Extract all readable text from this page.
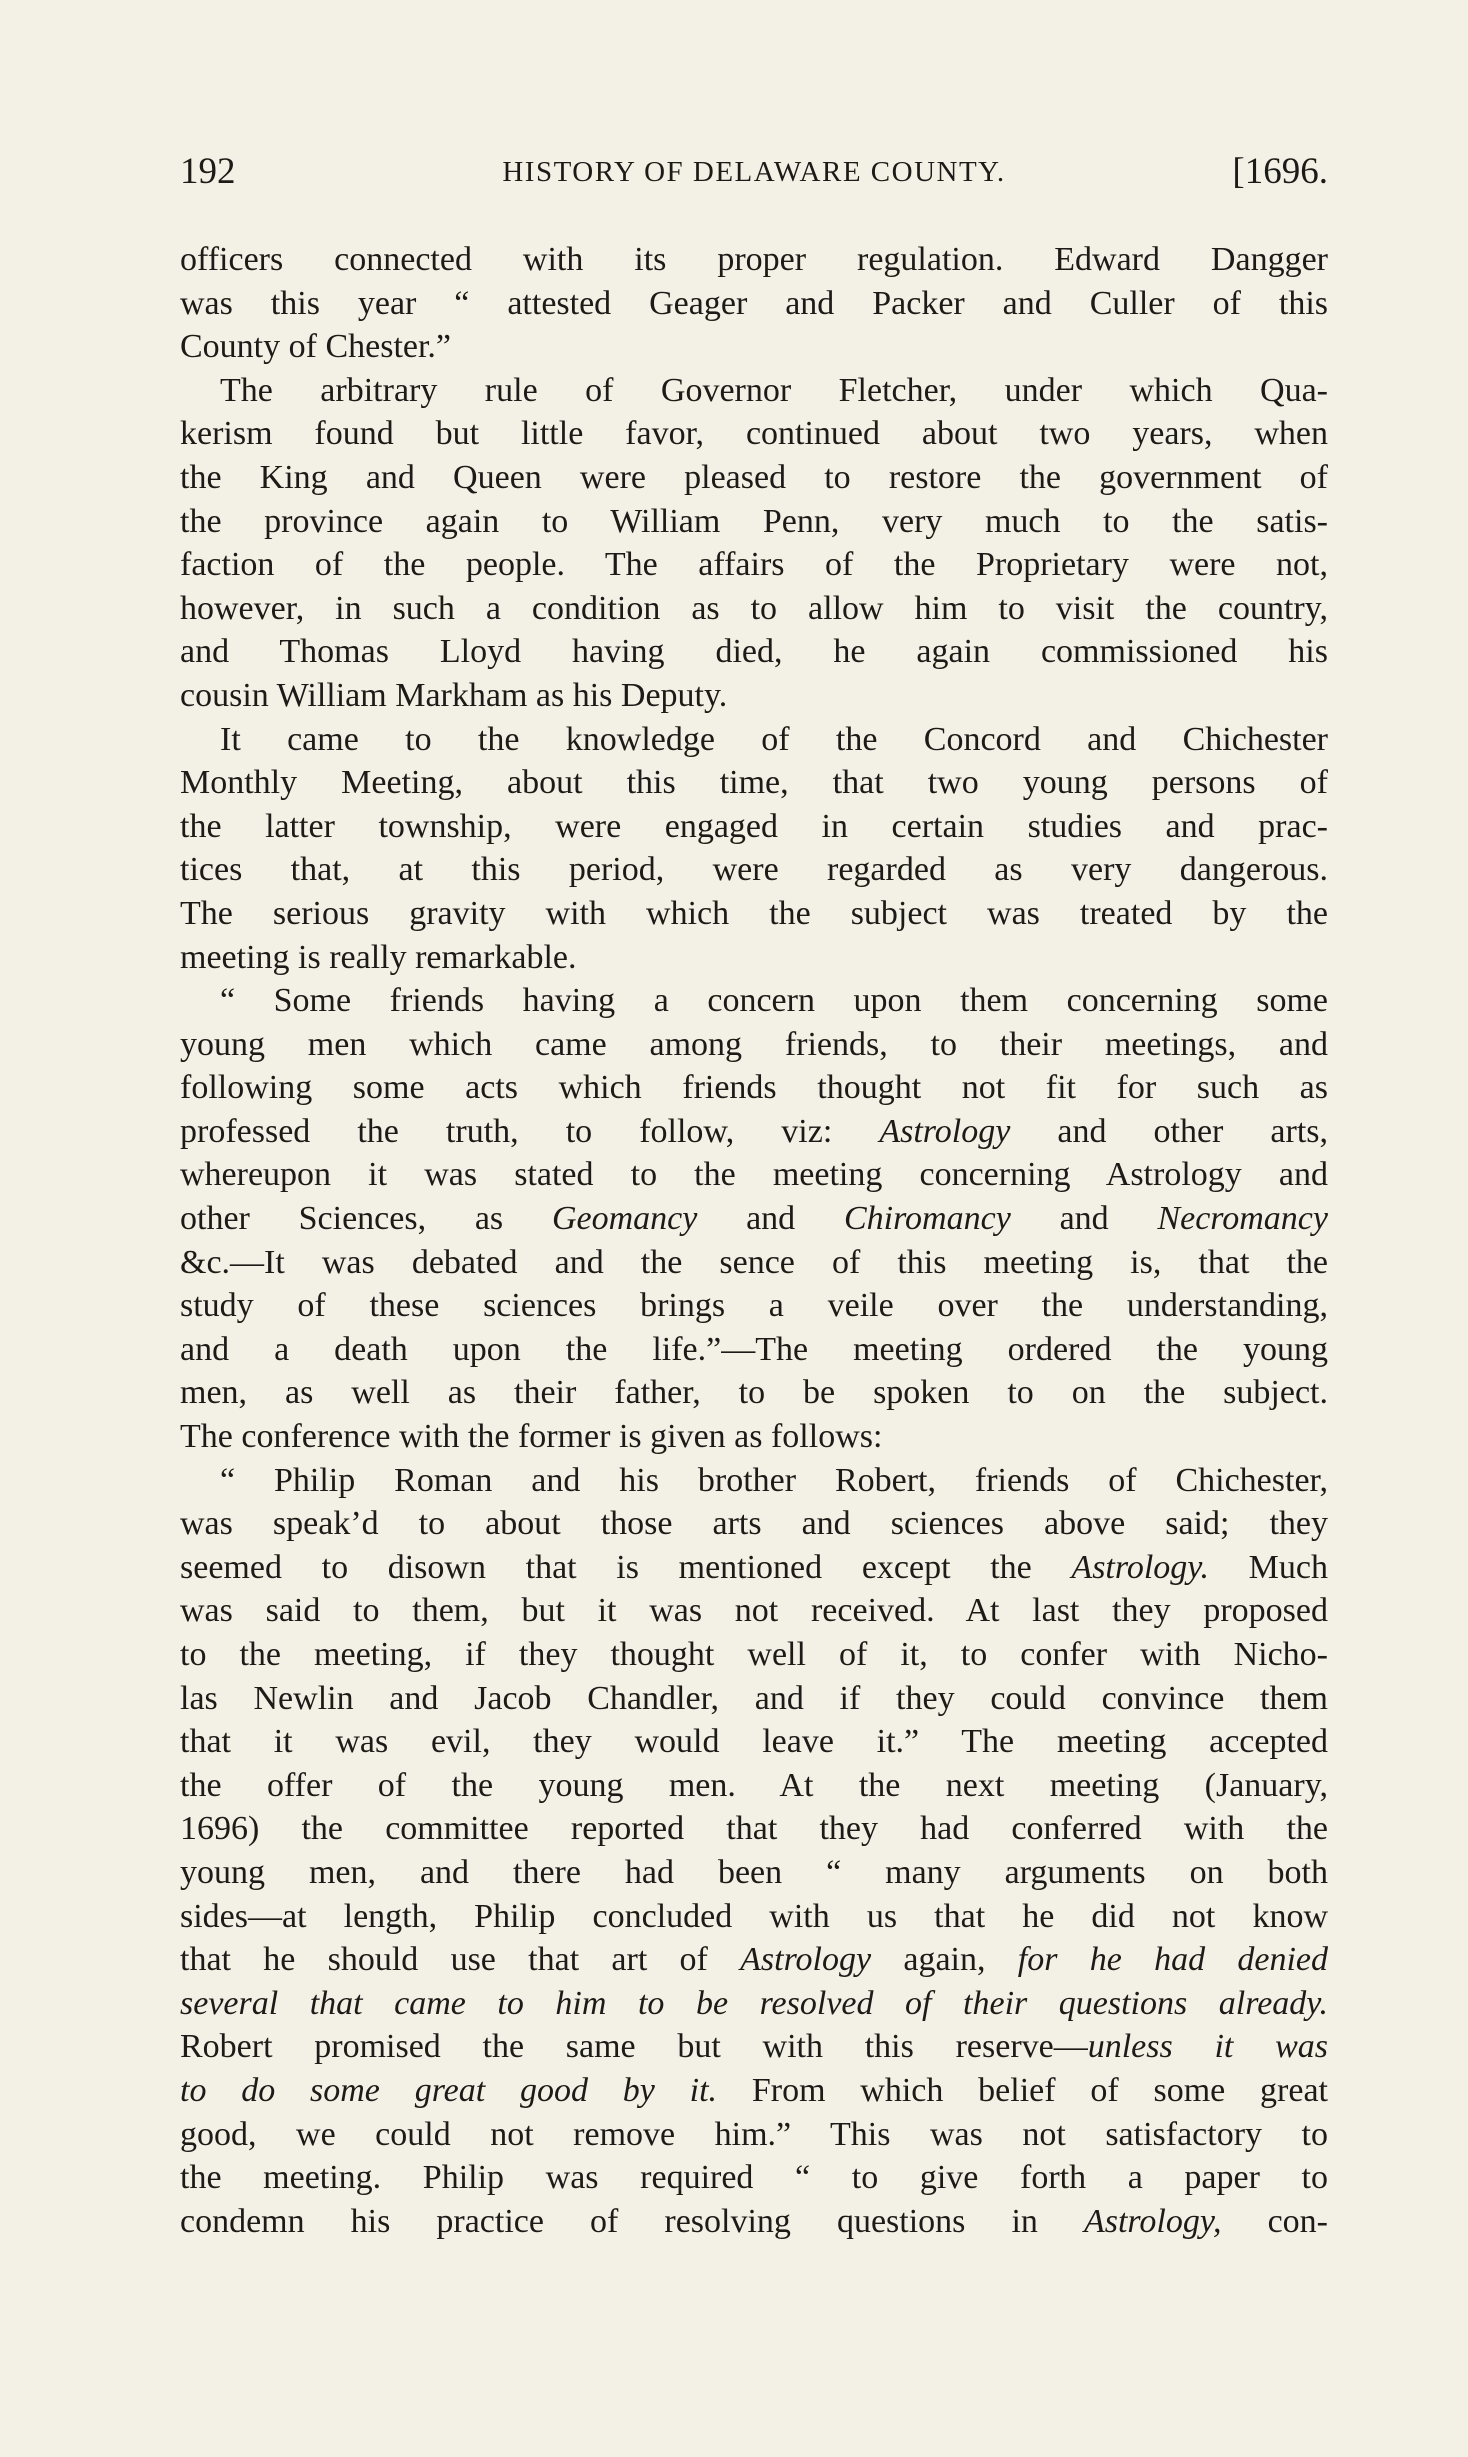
192	HISTORY OF DELAWARE COUNTY.	[1696.
officers connected with its proper regulation. Edward Dangger
was this year “ attested Geager and Packer and Culler of this
County of Chester.”
The arbitrary rule of Governor Fletcher, under which Qua-
kerism found but little favor, continued about two years, when
the King and Queen were pleased to restore the government of
the province again to William Penn, very much to the satis-
faction of the people. The affairs of the Proprietary were not,
however, in such a condition as to allow him to visit the country,
and Thomas Lloyd having died, he again commissioned his
cousin William Markham as his Deputy.
It came to the knowledge of the Concord and Chichester
Monthly Meeting, about this time, that two young persons of
the latter township, were engaged in certain studies and prac-
tices that, at this period, were regarded as very dangerous.
The serious gravity with which the subject was treated by the
meeting is really remarkable.
“ Some friends having a concern upon them concerning some
young men which came among friends, to their meetings, and
following some acts which friends thought not fit for such as
professed the truth, to follow, viz: Astrology and other arts,
whereupon it was stated to the meeting concerning Astrology and
other Sciences, as Geomancy and Chiromancy and Necromancy
&c.—It was debated and the sence of this meeting is, that the
study of these sciences brings a veile over the understanding,
and a death upon the life.”—The meeting ordered the young
men, as well as their father, to be spoken to on the subject.
The conference with the former is given as follows:
“ Philip Roman and his brother Robert, friends of Chichester,
was speak’d to about those arts and sciences above said; they
seemed to disown that is mentioned except the Astrology. Much
was said to them, but it was not received. At last they proposed
to the meeting, if they thought well of it, to confer with Nicho-
las Newlin and Jacob Chandler, and if they could convince them
that it was evil, they would leave it.” The meeting accepted
the offer of the young men. At the next meeting (January,
1696) the committee reported that they had conferred with the
young men, and there had been “ many arguments on both
sides—at length, Philip concluded with us that he did not know
that he should use that art of Astrology again, for he had denied
several that came to him to be resolved of their questions already.
Robert promised the same but with this reserve—unless it was
to do some great good by it. From which belief of some great
good, we could not remove him.” This was not satisfactory to
the meeting. Philip was required “ to give forth a paper to
condemn his practice of resolving questions in Astrology, con-
